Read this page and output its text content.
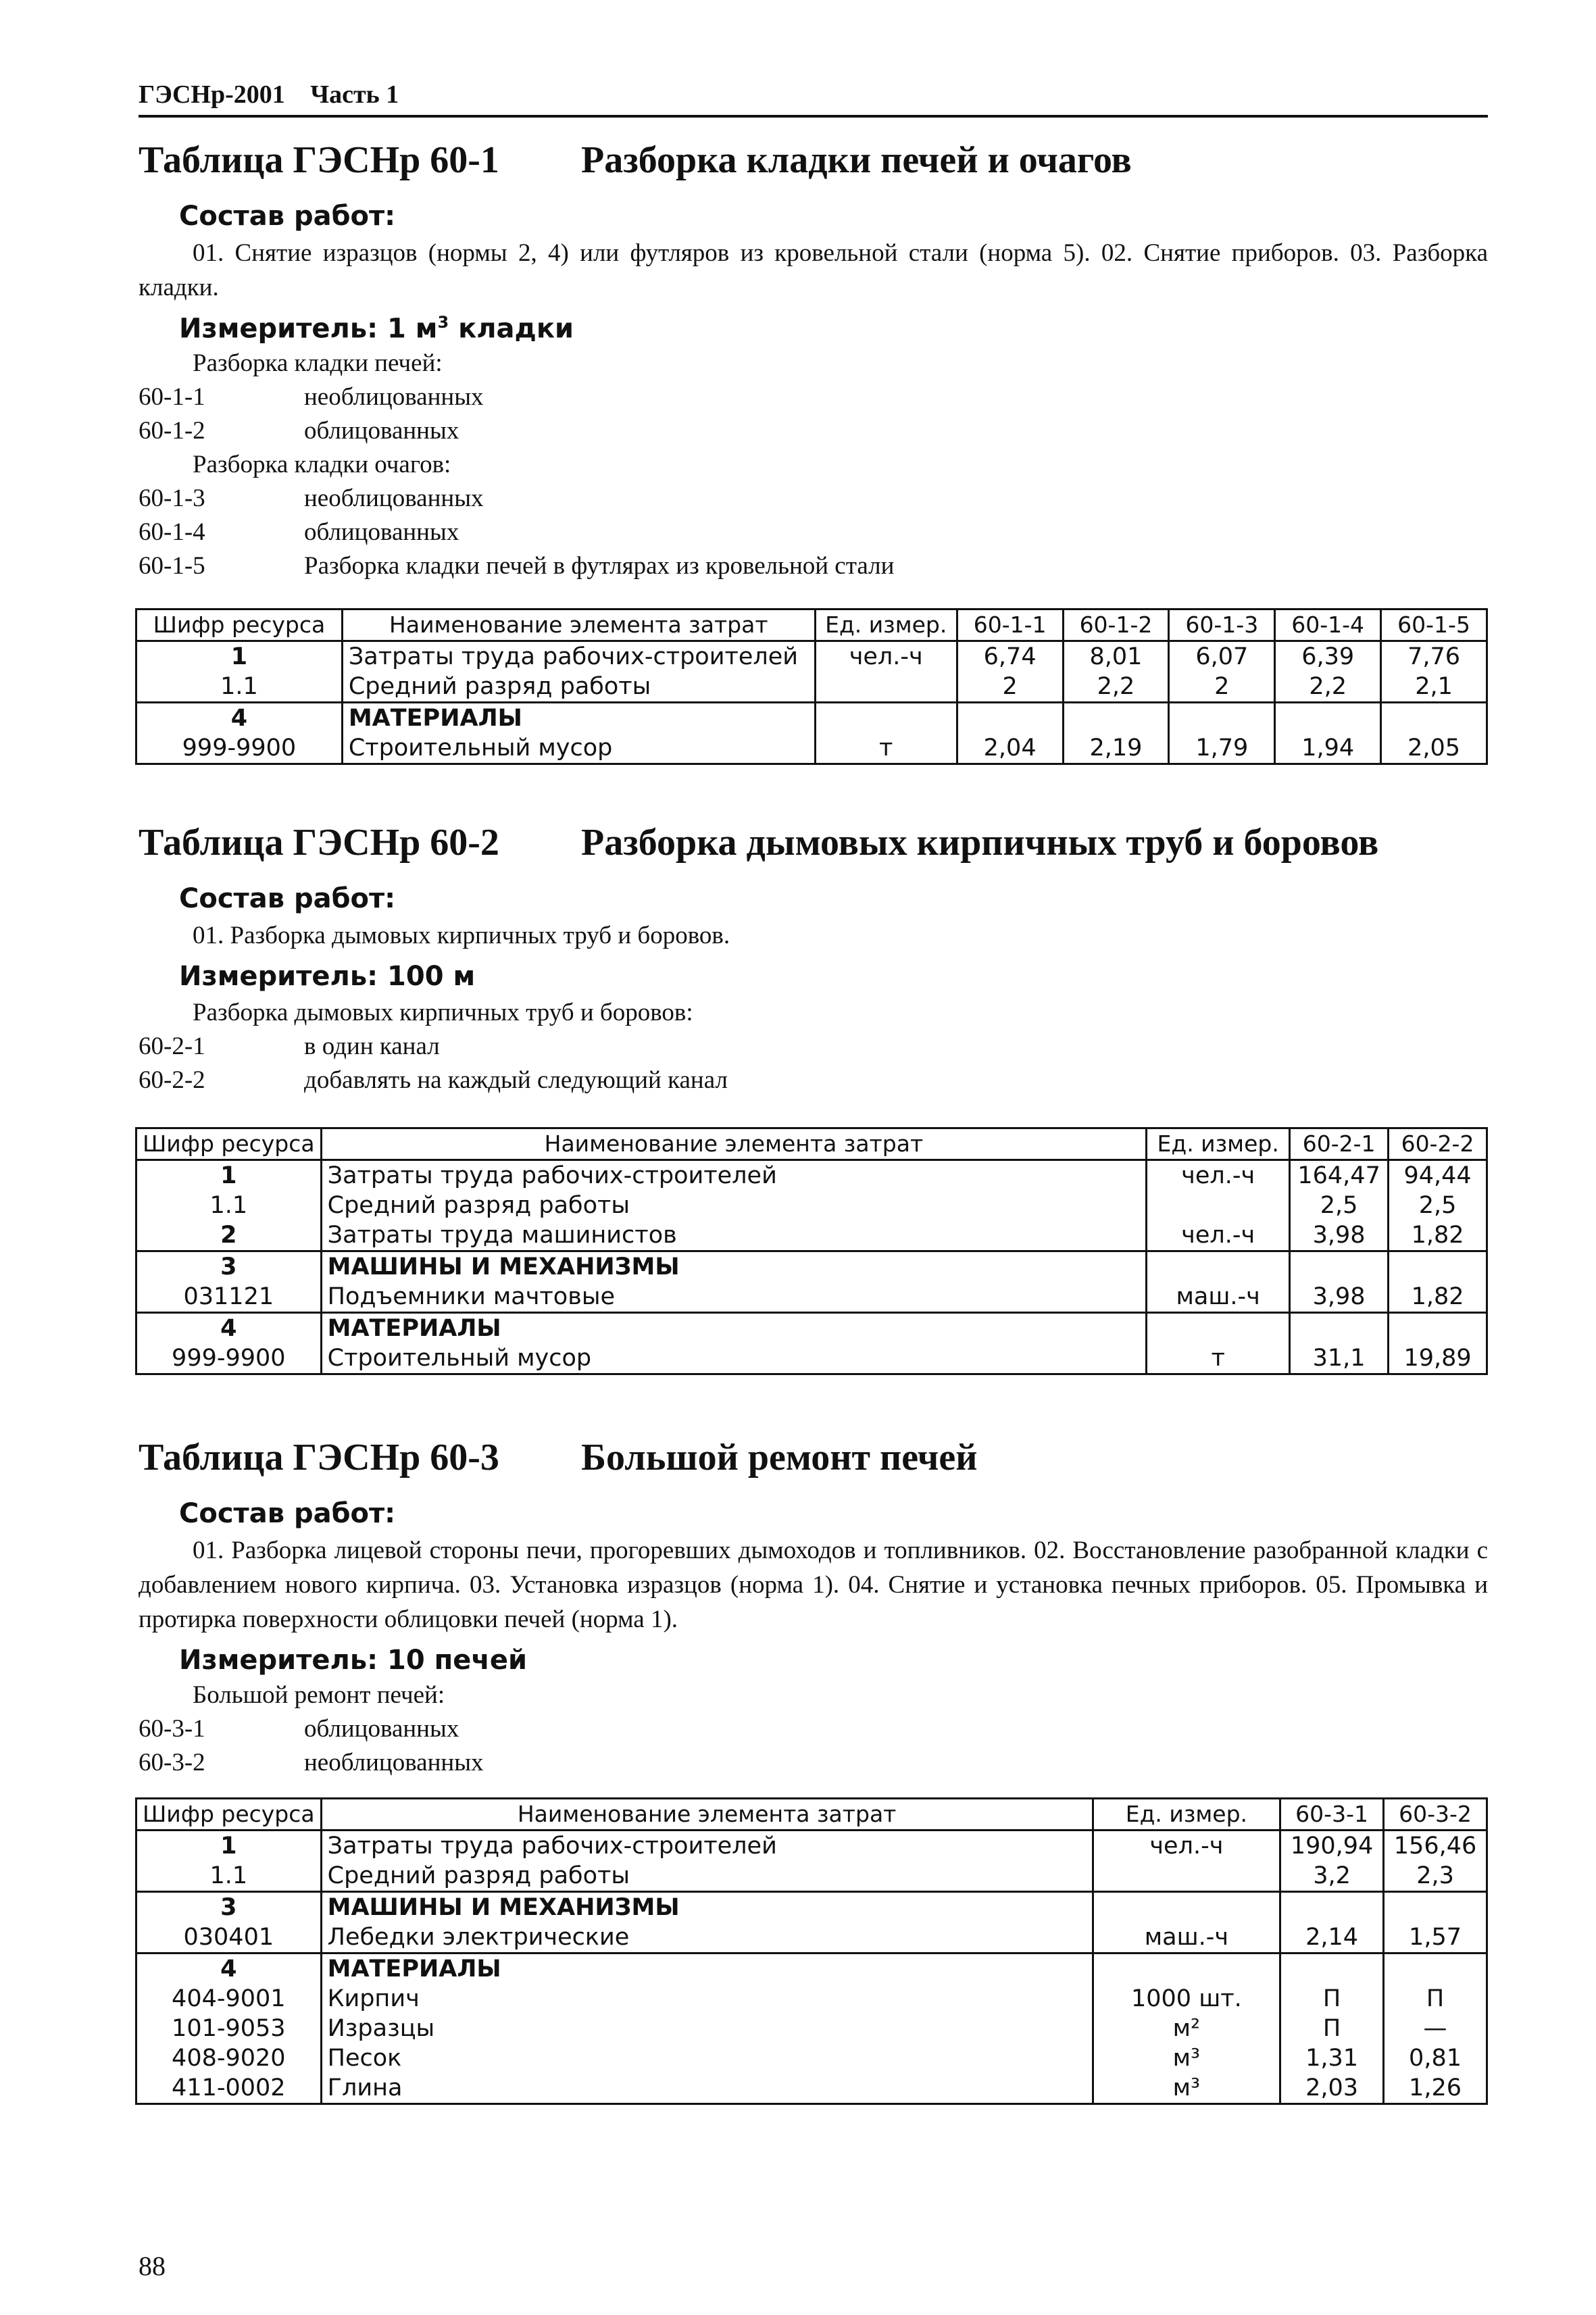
ГЭСНр-2001 Часть 1
Таблица ГЭСНр 60-1 Разборка кладки печей и очагов
Состав работ:

01. Снятие изразцов (нормы 2, 4) или футляров из кровельной стали (норма 5). 02. Снятие приборов. 03. Разборка кладки.

Измеритель: 1 $м^3$ кладки
Разборка кладки печей:
60-1-1	необлицованных
60-1-2	облицованных
Разборка кладки очагов:
60-1-3	необлицованных
60-1-4	облицованных
60-1-5	Разборка кладки печей в футлярах из кровельной стали
Шифр ресурса	Наименование элемента затрат	Ед. измер.	60-1-1	60-1-2	60-1-3	60-1-4	60-1-5
1	Затраты труда рабочих-строителей	чел.-ч	6,74	8,01	6,07	6,39	7,76
1.1	Средний разряд работы		2	2,2	2	2,2	2,1
4	МАТЕРИАЛЫ						
999-9900	Строительный мусор	т	2,04	2,19	1,79	1,94	2,05
Таблица ГЭСНр 60-2 Разборка дымовых кирпичных труб и боровов
Состав работ:

01. Разборка дымовых кирпичных труб и боровов.

Измеритель: 100 м
Разборка дымовых кирпичных труб и боровов:
60-2-1	в один канал
60-2-2	добавлять на каждый следующий канал
Шифр ресурса	Наименование элемента затрат	Ед. измер.	60-2-1	60-2-2
1	Затраты труда рабочих-строителей	чел.-ч	164,47	94,44
1.1	Средний разряд работы		2,5	2,5
2	Затраты труда машинистов	чел.-ч	3,98	1,82
3	МАШИНЫ И МЕХАНИЗМЫ			
031121	Подъемники мачтовые	маш.-ч	3,98	1,82
4	МАТЕРИАЛЫ			
999-9900	Строительный мусор	т	31,1	19,89
Таблица ГЭСНр 60-3 Большой ремонт печей
Состав работ:

01. Разборка лицевой стороны печи, прогоревших дымоходов и топливников. 02. Восстановление разобранной кладки с добавлением нового кирпича. 03. Установка изразцов (норма 1). 04. Снятие и установка печных приборов. 05. Промывка и протирка поверхности облицовки печей (норма 1).

Измеритель: 10 печей
Большой ремонт печей:
60-3-1	облицованных
60-3-2	необлицованных
Шифр ресурса	Наименование элемента затрат	Ед. измер.	60-3-1	60-3-2
1	Затраты труда рабочих-строителей	чел.-ч	190,94	156,46
1.1	Средний разряд работы		3,2	2,3
3	МАШИНЫ И МЕХАНИЗМЫ			
030401	Лебедки электрические	маш.-ч	2,14	1,57
4	МАТЕРИАЛЫ			
404-9001	Кирпич	1000 шт.	П	П
101-9053	Изразцы	м²	П	—
408-9020	Песок	м³	1,31	0,81
411-0002	Глина	м³	2,03	1,26
88
